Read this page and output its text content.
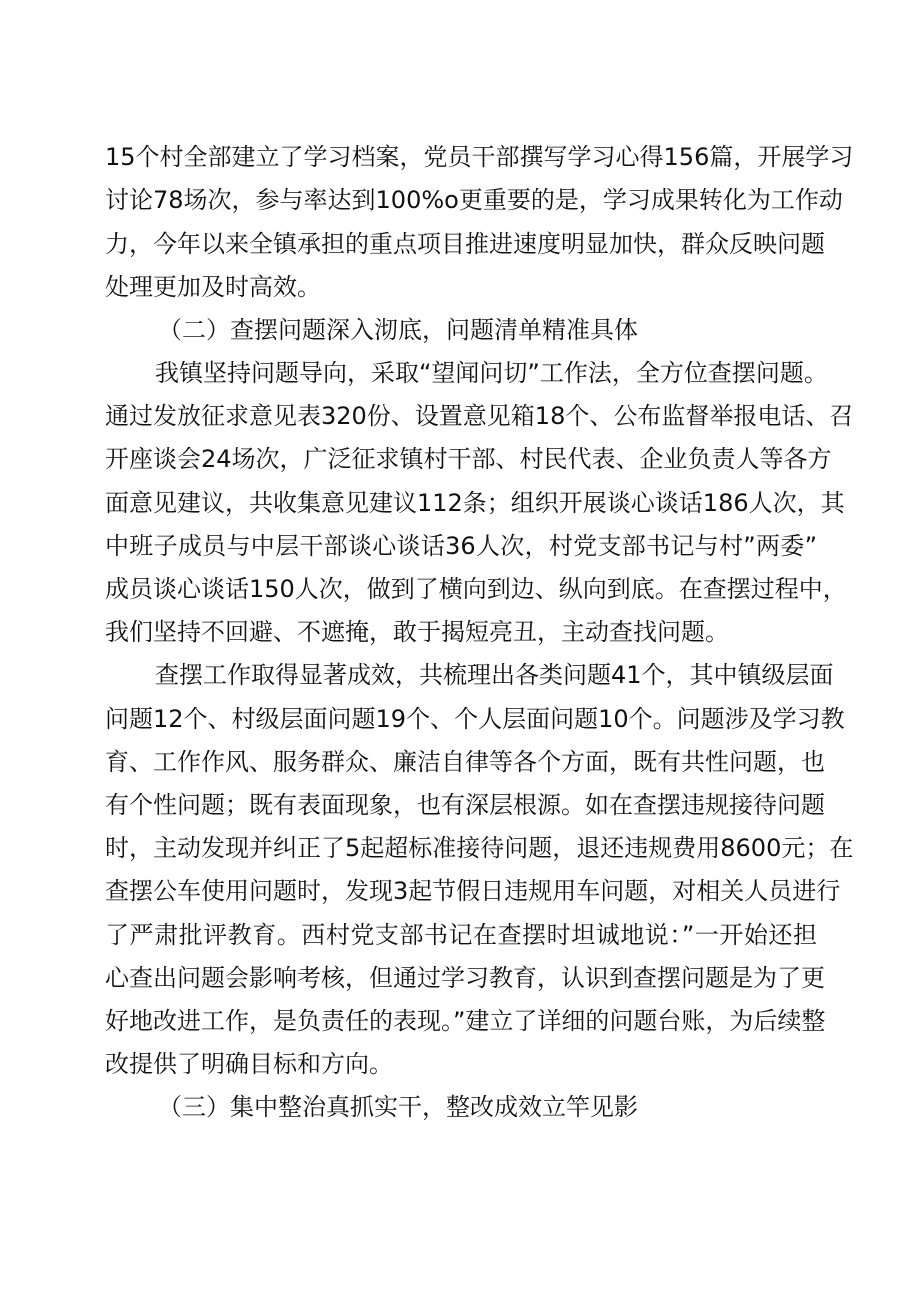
15个村全部建立了学习档案，党员干部撰写学习心得156篇，开展学习
讨论78场次，参与率达到100%o更重要的是，学习成果转化为工作动
力，今年以来全镇承担的重点项目推进速度明显加快，群众反映问题
处理更加及时高效。
（二）查摆问题深入沏底，问题清单精准具体
我镇坚持问题导向，采取“望闻问切”工作法，全方位查摆问题。
通过发放征求意见表320份、设置意见箱18个、公布监督举报电话、召
开座谈会24场次，广泛征求镇村干部、村民代表、企业负责人等各方
面意见建议，共收集意见建议112条；组织开展谈心谈话186人次，其
中班子成员与中层干部谈心谈话36人次，村党支部书记与村”两委”
成员谈心谈话150人次，做到了横向到边、纵向到底。在查摆过程中，
我们坚持不回避、不遮掩，敢于揭短亮丑，主动查找问题。
查摆工作取得显著成效，共梳理出各类问题41个，其中镇级层面
问题12个、村级层面问题19个、个人层面问题10个。问题涉及学习教
育、工作作风、服务群众、廉洁自律等各个方面，既有共性问题，也
有个性问题；既有表面现象，也有深层根源。如在查摆违规接待问题
时，主动发现并纠正了5起超标准接待问题，退还违规费用8600元；在
查摆公车使用问题时，发现3起节假日违规用车问题，对相关人员进行
了严肃批评教育。西村党支部书记在查摆时坦诚地说：”一开始还担
心查出问题会影响考核，但通过学习教育，认识到查摆问题是为了更
好地改进工作，是负责任的表现。”建立了详细的问题台账，为后续整
改提供了明确目标和方向。
（三）集中整治真抓实干，整改成效立竿见影
